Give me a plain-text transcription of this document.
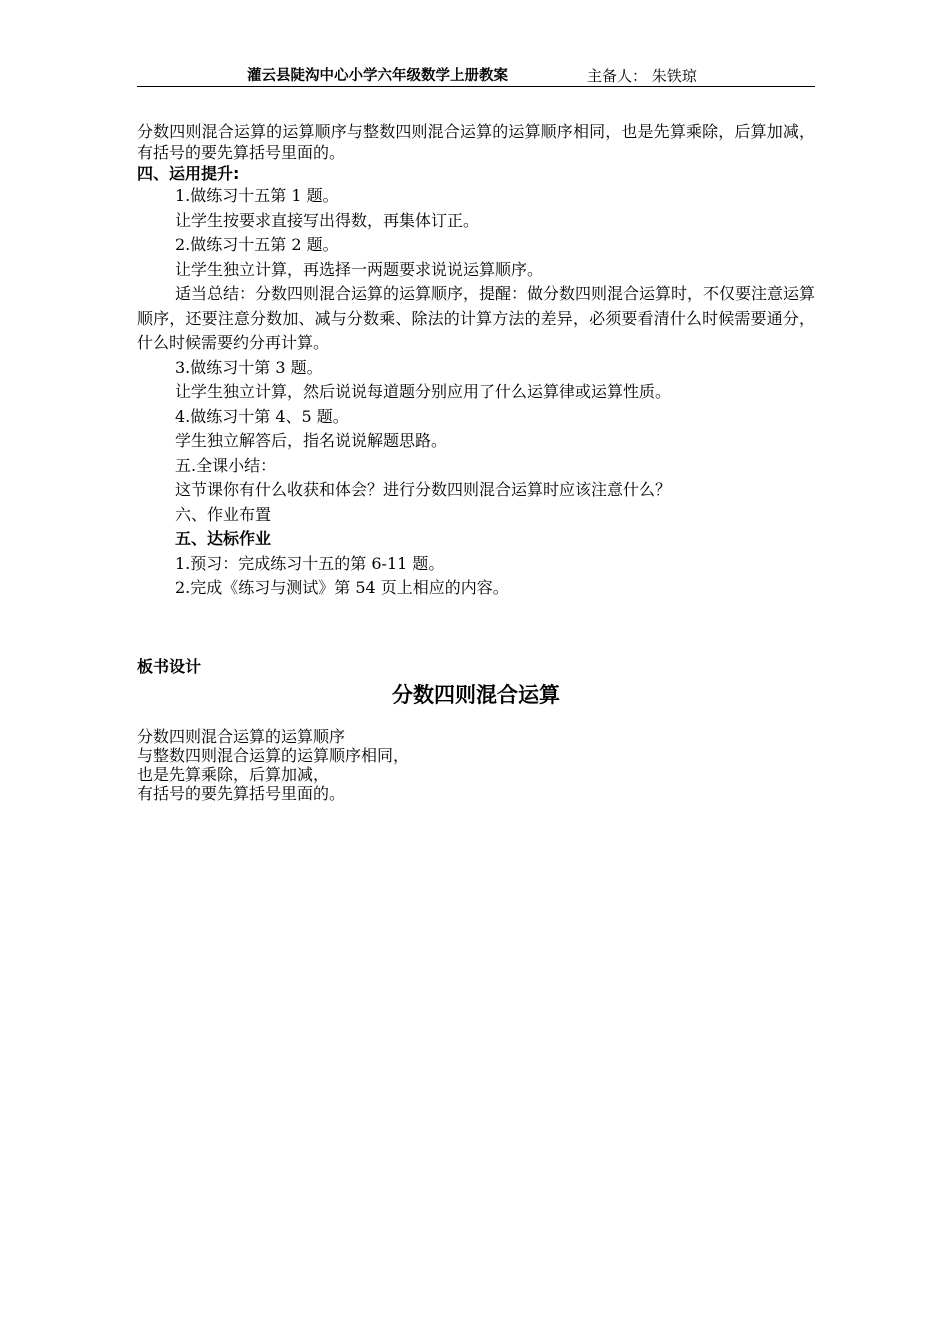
灌云县陡沟中心小学六年级数学上册教案	主备人： 朱铁琼

分数四则混合运算的运算顺序与整数四则混合运算的运算顺序相同，也是先算乘除，后算加减，有括号的要先算括号里面的。

四、运用提升:

1.做练习十五第 1 题。

让学生按要求直接写出得数，再集体订正。

2.做练习十五第 2 题。

让学生独立计算，再选择一两题要求说说运算顺序。

适当总结：分数四则混合运算的运算顺序，提醒：做分数四则混合运算时，不仅要注意运算顺序，还要注意分数加、减与分数乘、除法的计算方法的差异，必须要看清什么时候需要通分，什么时候需要约分再计算。

3.做练习十第 3 题。

让学生独立计算，然后说说每道题分别应用了什么运算律或运算性质。

4.做练习十第 4、5 题。

学生独立解答后，指名说说解题思路。

五.全课小结：

这节课你有什么收获和体会？进行分数四则混合运算时应该注意什么？

六、作业布置

五、达标作业

1.预习：完成练习十五的第 6-11 题。

2.完成《练习与测试》第 54 页上相应的内容。

板书设计
分数四则混合运算
分数四则混合运算的运算顺序
与整数四则混合运算的运算顺序相同，
也是先算乘除，后算加减，
有括号的要先算括号里面的。
